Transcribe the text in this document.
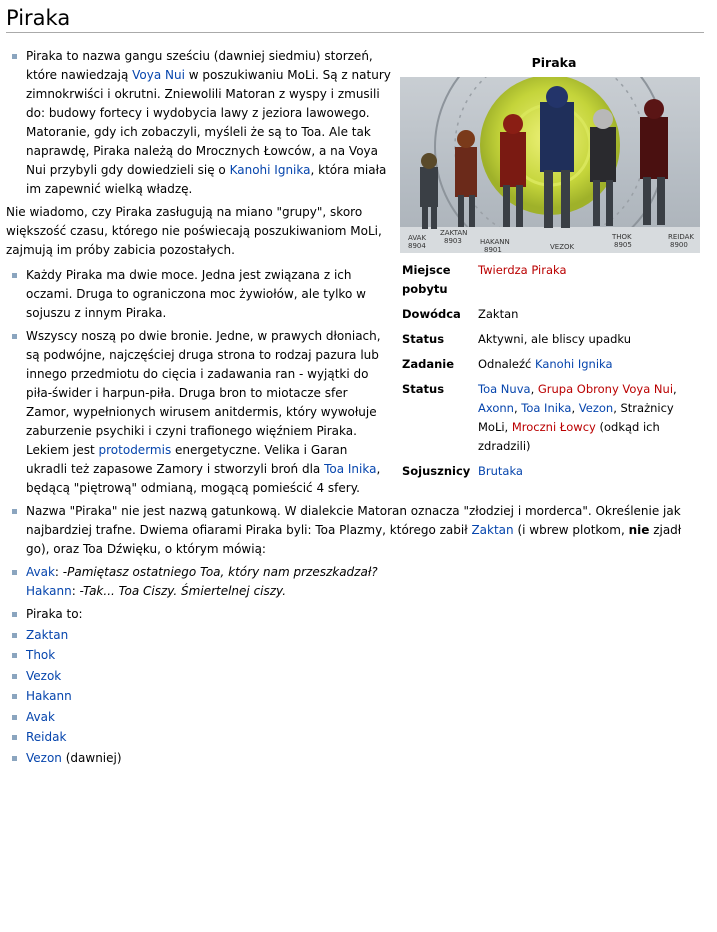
Piraka
Piraka
AVAK
8904
ZAKTAN
8903	HAKANN
8901	VEZOK
THOK
8905
REIDAK
8900
Miejsce pobytu	Twierdza Piraka
Dowódca	Zaktan
Status	Aktywni, ale bliscy upadku
Zadanie	Odnaleźć Kanohi Ignika
Status	Toa Nuva, Grupa Obrony Voya Nui, Axonn, Toa Inika, Vezon, Strażnicy MoLi, Mroczni Łowcy (odkąd ich zdradzili)
Sojusznicy	Brutaka
Piraka to nazwa gangu sześciu (dawniej siedmiu) storzeń, które nawiedzają Voya Nui w poszukiwaniu MoLi. Są z natury zimnokrwiści i okrutni. Zniewolili Matoran z wyspy i zmusili do: budowy fortecy i wydobycia lawy z jeziora lawowego. Matoranie, gdy ich zobaczyli, myśleli że są to Toa. Ale tak naprawdę, Piraka należą do Mrocznych Łowców, a na Voya Nui przybyli gdy dowiedzieli się o Kanohi Ignika, która miała im zapewnić wielką władzę.

Nie wiadomo, czy Piraka zasługują na miano "grupy", skoro większość czasu, którego nie poświecają poszukiwaniom MoLi, zajmują im próby zabicia pozostałych.

Każdy Piraka ma dwie moce. Jedna jest związana z ich oczami. Druga to ograniczona moc żywiołów, ale tylko w sojuszu z innym Piraka.
Wszyscy noszą po dwie bronie. Jedne, w prawych dłoniach, są podwójne, najczęściej druga strona to rodzaj pazura lub innego przedmiotu do cięcia i zadawania ran - wyjątki do piła-świder i harpun-piła. Druga bron to miotacze sfer Zamor, wypełnionych wirusem anitdermis, który wywołuje zaburzenie psychiki i czyni trafionego więźniem Piraka. Lekiem jest protodermis energetyczne. Velika i Garan ukradli też zapasowe Zamory i stworzyli broń dla Toa Inika, będącą "piętrową" odmianą, mogącą pomieścić 4 sfery.
Nazwa "Piraka" nie jest nazwą gatunkową. W dialekcie Matoran oznacza "złodziej i morderca". Określenie jak najbardziej trafne. Dwiema ofiarami Piraka byli: Toa Plazmy, którego zabił Zaktan (i wbrew plotkom, nie zjadł go), oraz Toa Dźwięku, o którym mówią:
Avak: -Pamiętasz ostatniego Toa, który nam przeszkadzał?
Hakann: -Tak... Toa Ciszy. Śmiertelnej ciszy.
Piraka to:
Zaktan
Thok
Vezok
Hakann
Avak
Reidak
Vezon (dawniej)
